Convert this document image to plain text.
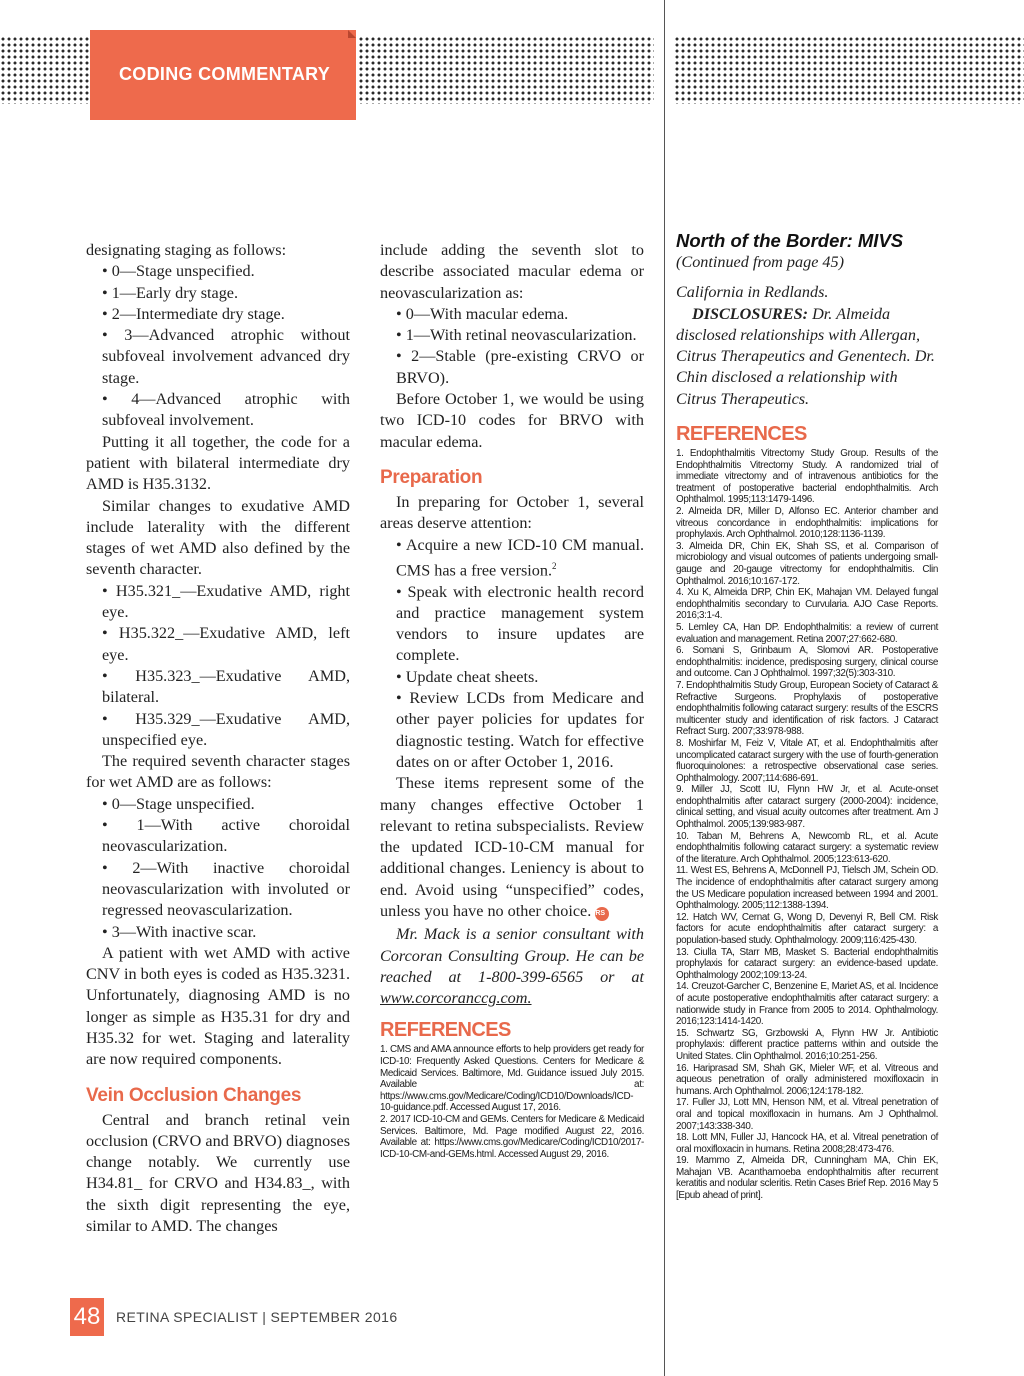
CODING COMMENTARY

designating staging as follows:

• 0—Stage unspecified.

• 1—Early dry stage.

• 2—Intermediate dry stage.

• 3—Advanced atrophic without subfoveal involvement advanced dry stage.

• 4—Advanced atrophic with subfoveal involvement.

Putting it all together, the code for a patient with bilateral intermediate dry AMD is H35.3132.

Similar changes to exudative AMD include laterality with the different stages of wet AMD also defined by the seventh character.

• H35.321_—Exudative AMD, right eye.

• H35.322_—Exudative AMD, left eye.

• H35.323_—Exudative AMD, bilateral.

• H35.329_—Exudative AMD, unspecified eye.

The required seventh character stages for wet AMD are as follows:

• 0—Stage unspecified.

• 1—With active choroidal neovascularization.

• 2—With inactive choroidal neovascularization with involuted or regressed neovascularization.

• 3—With inactive scar.

A patient with wet AMD with active CNV in both eyes is coded as H35.3231. Unfortunately, diagnosing AMD is no longer as simple as H35.31 for dry and H35.32 for wet. Staging and laterality are now required components.

Vein Occlusion Changes

Central and branch retinal vein occlusion (CRVO and BRVO) diagnoses change notably. We currently use H34.81_ for CRVO and H34.83_, with the sixth digit representing the eye, similar to AMD. The changes

include adding the seventh slot to describe associated macular edema or neovascularization as:

• 0—With macular edema.

• 1—With retinal neovascularization.

• 2—Stable (pre-existing CRVO or BRVO).

Before October 1, we would be using two ICD-10 codes for BRVO with macular edema.

Preparation

In preparing for October 1, several areas deserve attention:

• Acquire a new ICD-10 CM manual. CMS has a free version.$^2$

• Speak with electronic health record and practice management system vendors to insure updates are complete.

• Update cheat sheets.

• Review LCDs from Medicare and other payer policies for updates for diagnostic testing. Watch for effective dates on or after October 1, 2016.

These items represent some of the many changes effective October 1 relevant to retina subspecialists. Review the updated ICD-10-CM manual for additional changes. Leniency is about to end. Avoid using “unspecified” codes, unless you have no other choice. RS

Mr. Mack is a senior consultant with Corcoran Consulting Group. He can be reached at 1-800-399-6565 or at www.corcoranccg.com.

REFERENCES

1. CMS and AMA announce efforts to help providers get ready for ICD-10: Frequently Asked Questions. Centers for Medicare & Medicaid Services. Baltimore, Md. Guidance issued July 2015. Available at: https://www.cms.gov/Medicare/Coding/ICD10/Downloads/ICD-10-guidance.pdf. Accessed August 17, 2016.

2. 2017 ICD-10-CM and GEMs. Centers for Medicare & Medicaid Services. Baltimore, Md. Page modified August 22, 2016. Available at: https://www.cms.gov/Medicare/Coding/ICD10/2017-ICD-10-CM-and-GEMs.html. Accessed August 29, 2016.

North of the Border: MIVS

(Continued from page 45)

California in Redlands.

DISCLOSURES: Dr. Almeida disclosed relationships with Allergan, Citrus Therapeutics and Genentech. Dr. Chin disclosed a relationship with Citrus Therapeutics.

REFERENCES

1. Endophthalmitis Vitrectomy Study Group. Results of the Endophthalmitis Vitrectomy Study. A randomized trial of immediate vitrectomy and of intravenous antibiotics for the treatment of postoperative bacterial endophthalmitis. Arch Ophthalmol. 1995;113:1479-1496.

2. Almeida DR, Miller D, Alfonso EC. Anterior chamber and vitreous concordance in endophthalmitis: implications for prophylaxis. Arch Ophthalmol. 2010;128:1136-1139.

3. Almeida DR, Chin EK, Shah SS, et al. Comparison of microbiology and visual outcomes of patients undergoing small-gauge and 20-gauge vitrectomy for endophthalmitis. Clin Ophthalmol. 2016;10:167-172.

4. Xu K, Almeida DRP, Chin EK, Mahajan VM. Delayed fungal endophthalmitis secondary to Curvularia. AJO Case Reports. 2016;3:1-4.

5. Lemley CA, Han DP. Endophthalmitis: a review of current evaluation and management. Retina 2007;27:662-680.

6. Somani S, Grinbaum A, Slomovi AR. Postoperative endophthalmitis: incidence, predisposing surgery, clinical course and outcome. Can J Ophthalmol. 1997;32(5):303-310.

7. Endophthalmitis Study Group, European Society of Cataract & Refractive Surgeons. Prophylaxis of postoperative endophthalmitis following cataract surgery: results of the ESCRS multicenter study and identification of risk factors. J Cataract Refract Surg. 2007;33:978-988.

8. Moshirfar M, Feiz V, Vitale AT, et al. Endophthalmitis after uncomplicated cataract surgery with the use of fourth-generation fluoroquinolones: a retrospective observational case series. Ophthalmology. 2007;114:686-691.

9. Miller JJ, Scott IU, Flynn HW Jr, et al. Acute-onset endophthalmitis after cataract surgery (2000-2004): incidence, clinical setting, and visual acuity outcomes after treatment. Am J Ophthalmol. 2005;139:983-987.

10. Taban M, Behrens A, Newcomb RL, et al. Acute endophthalmitis following cataract surgery: a systematic review of the literature. Arch Ophthalmol. 2005;123:613-620.

11. West ES, Behrens A, McDonnell PJ, Tielsch JM, Schein OD. The incidence of endophthalmitis after cataract surgery among the US Medicare population increased between 1994 and 2001. Ophthalmology. 2005;112:1388-1394.

12. Hatch WV, Cernat G, Wong D, Devenyi R, Bell CM. Risk factors for acute endophthalmitis after cataract surgery: a population-based study. Ophthalmology. 2009;116:425-430.

13. Ciulla TA, Starr MB, Masket S. Bacterial endophthalmitis prophylaxis for cataract surgery: an evidence-based update. Ophthalmology 2002;109:13-24.

14. Creuzot-Garcher C, Benzenine E, Mariet AS, et al. Incidence of acute postoperative endophthalmitis after cataract surgery: a nationwide study in France from 2005 to 2014. Ophthalmology. 2016;123:1414-1420.

15. Schwartz SG, Grzbowski A, Flynn HW Jr. Antibiotic prophylaxis: different practice patterns within and outside the United States. Clin Ophthalmol. 2016;10:251-256.

16. Hariprasad SM, Shah GK, Mieler WF, et al. Vitreous and aqueous penetration of orally administered moxifloxacin in humans. Arch Ophthalmol. 2006;124:178-182.

17. Fuller JJ, Lott MN, Henson NM, et al. Vitreal penetration of oral and topical moxifloxacin in humans. Am J Ophthalmol. 2007;143:338-340.

18. Lott MN, Fuller JJ, Hancock HA, et al. Vitreal penetration of oral moxifloxacin in humans. Retina 2008;28:473-476.

19. Mammo Z, Almeida DR, Cunningham MA, Chin EK, Mahajan VB. Acanthamoeba endophthalmitis after recurrent keratitis and nodular scleritis. Retin Cases Brief Rep. 2016 May 5 [Epub ahead of print].

48 RETINA SPECIALIST | SEPTEMBER 2016
